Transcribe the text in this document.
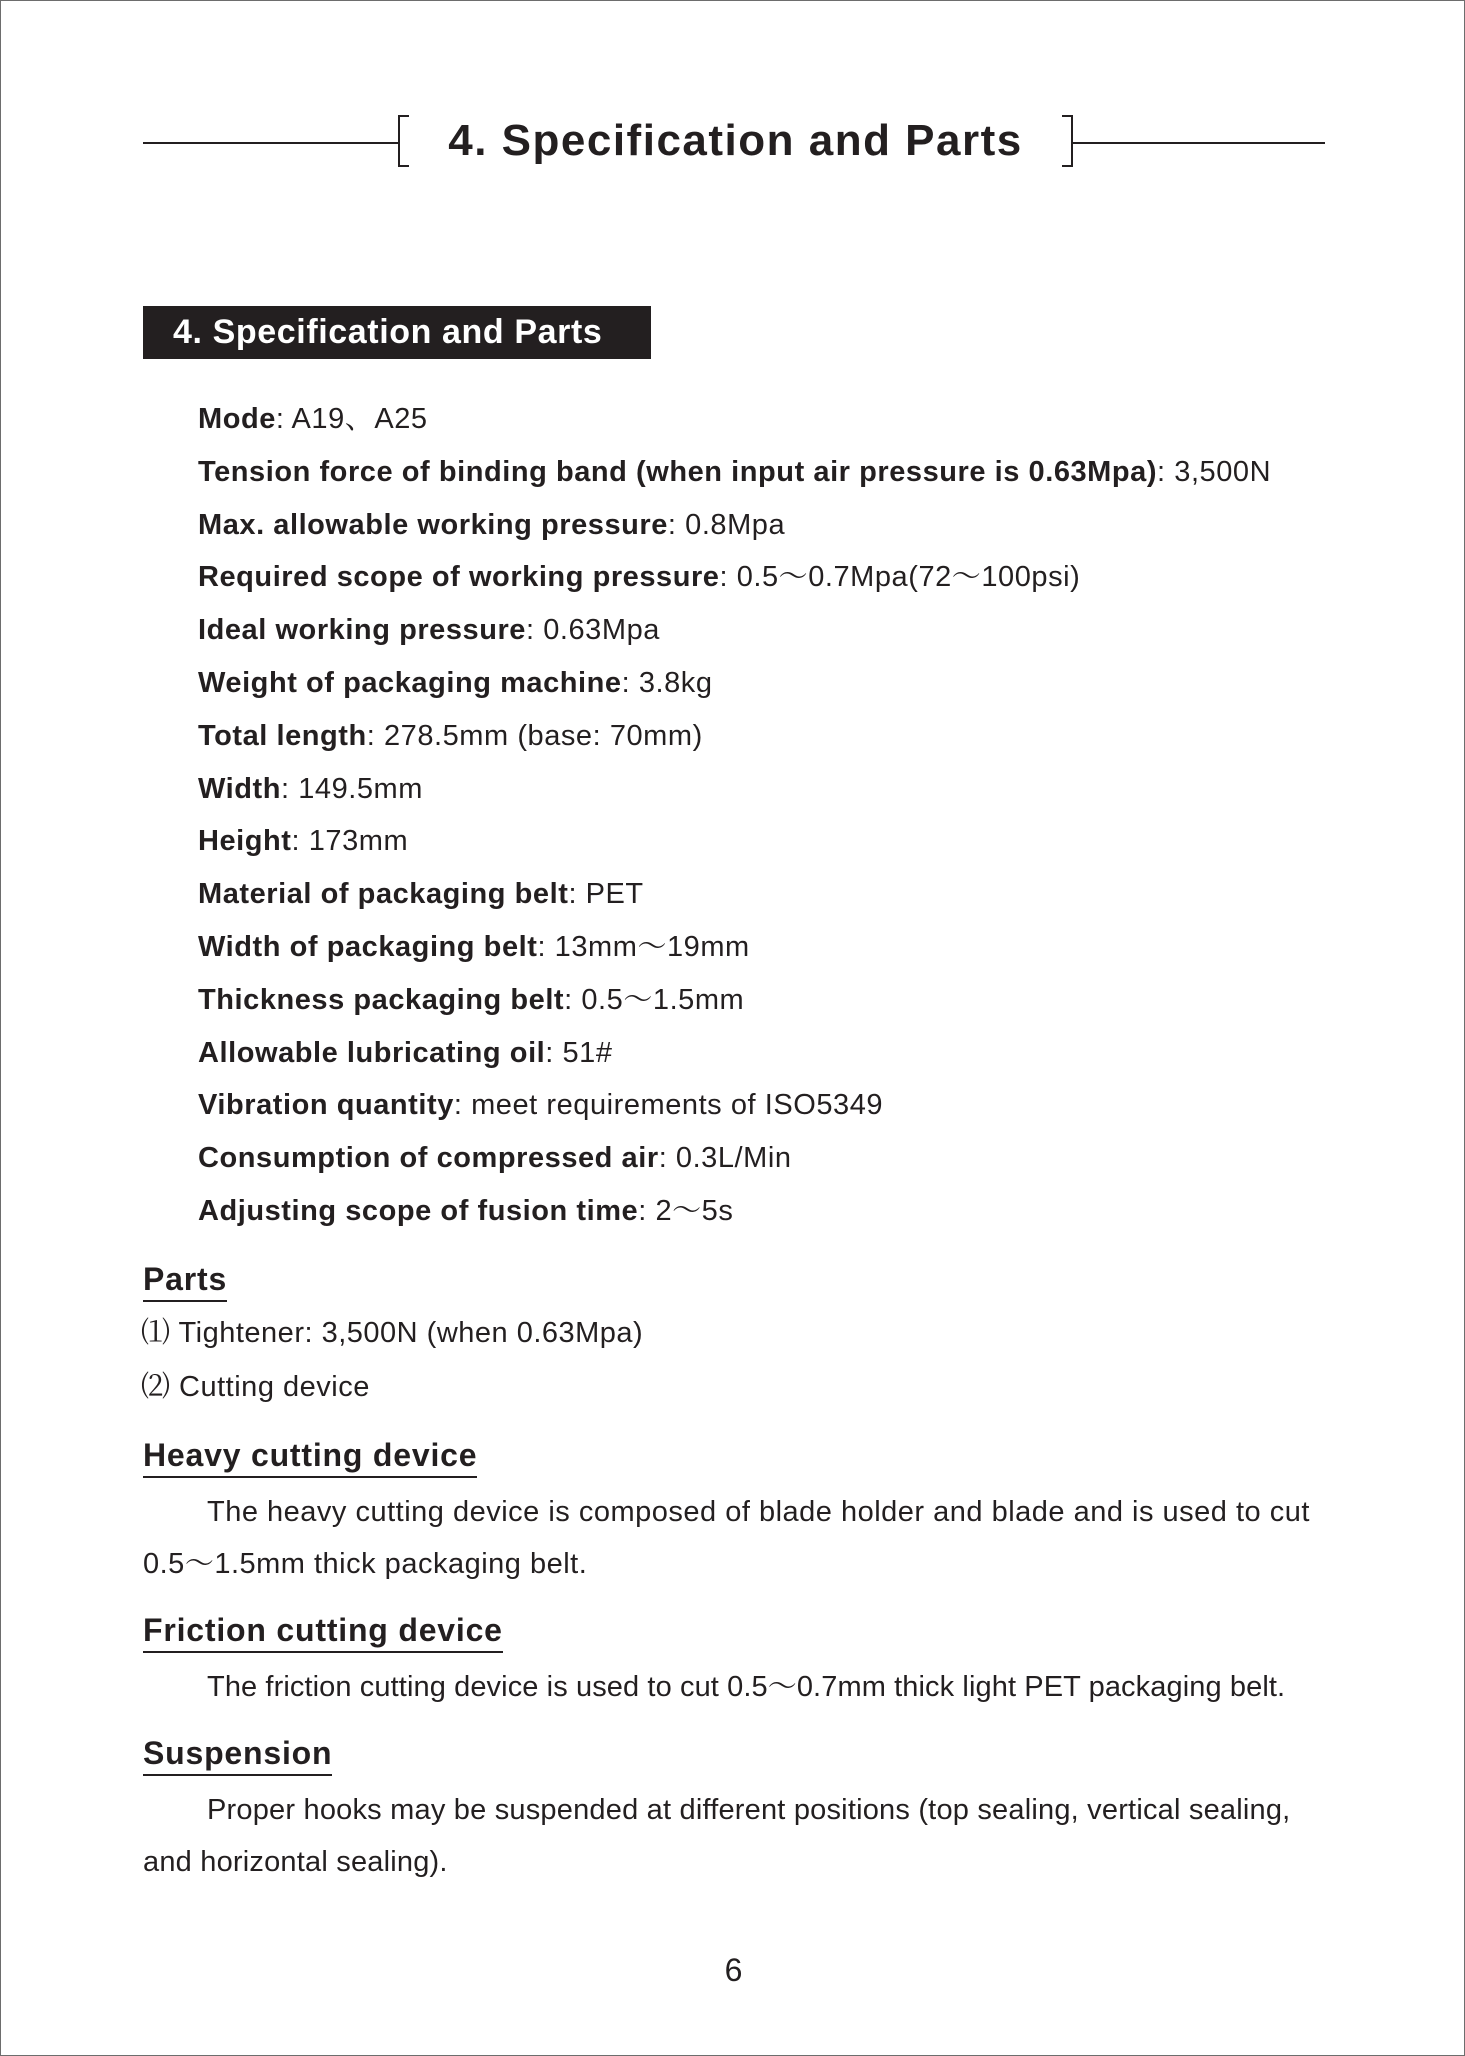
4. Specification and Parts
4. Specification and Parts
Mode: A19、A25
Tension force of binding band (when input air pressure is 0.63Mpa): 3,500N
Max. allowable working pressure: 0.8Mpa
Required scope of working pressure: 0.5～0.7Mpa(72～100psi)
Ideal working pressure: 0.63Mpa
Weight of packaging machine: 3.8kg
Total length: 278.5mm (base: 70mm)
Width: 149.5mm
Height: 173mm
Material of packaging belt: PET
Width of packaging belt: 13mm～19mm
Thickness packaging belt: 0.5～1.5mm
Allowable lubricating oil: 51#
Vibration quantity: meet requirements of ISO5349
Consumption of compressed air: 0.3L/Min
Adjusting scope of fusion time: 2～5s
Parts
⑴ Tightener: 3,500N (when 0.63Mpa)
⑵ Cutting device
Heavy cutting device
The heavy cutting device is composed of blade holder and blade and is used to cut 0.5～1.5mm thick packaging belt.
Friction cutting device
The friction cutting device is used to cut 0.5～0.7mm thick light PET packaging belt.
Suspension
Proper hooks may be suspended at different positions (top sealing, vertical sealing, and horizontal sealing).
6
